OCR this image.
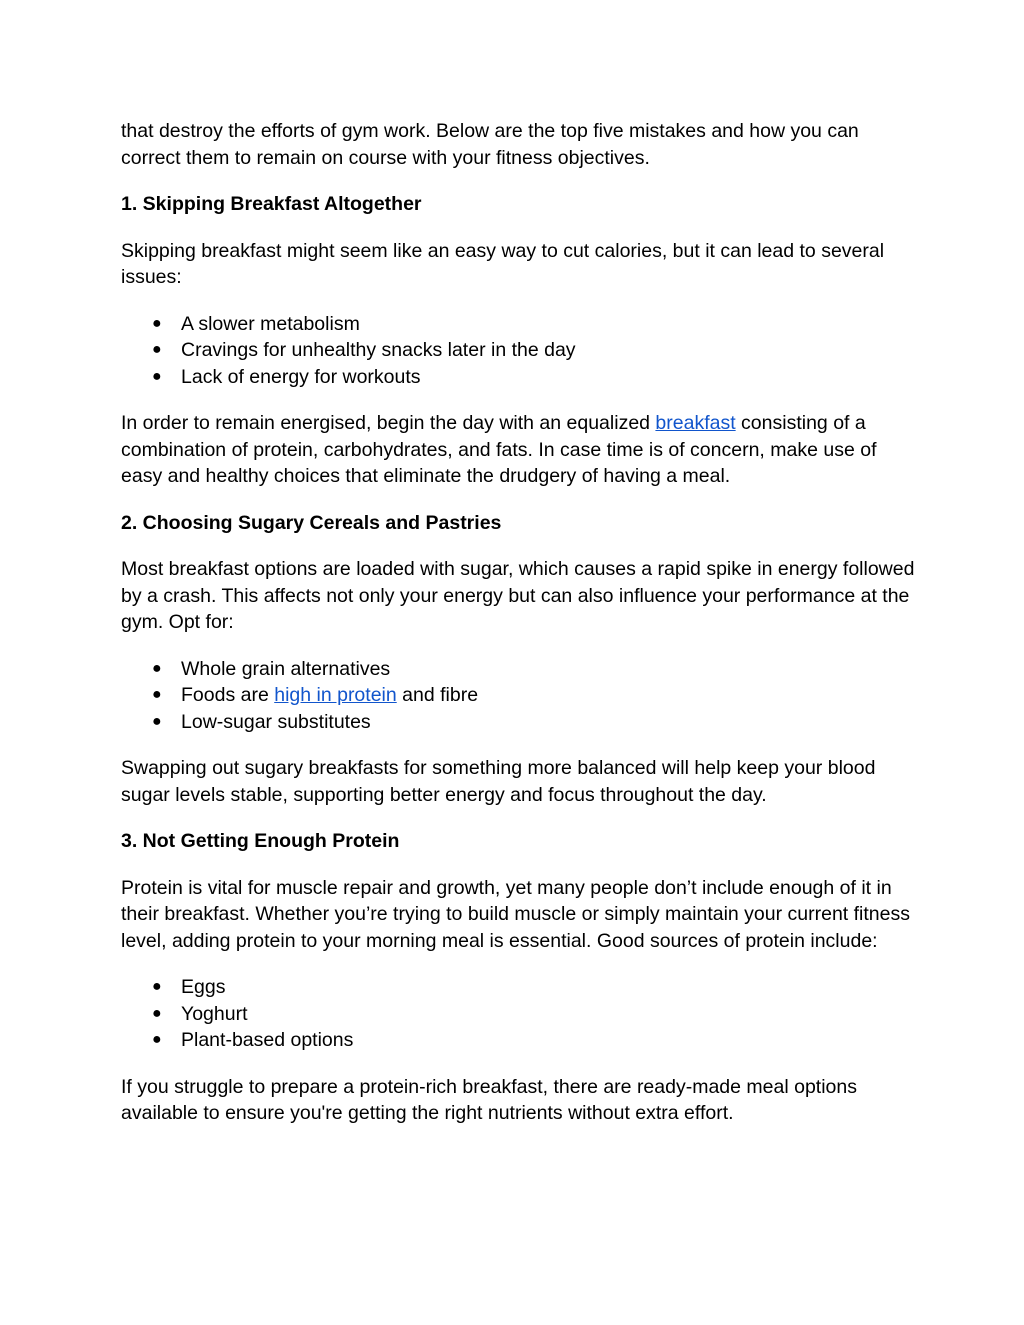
that destroy the efforts of gym work. Below are the top five mistakes and how you can correct them to remain on course with your fitness objectives.

1. Skipping Breakfast Altogether

Skipping breakfast might seem like an easy way to cut calories, but it can lead to several issues:

● A slower metabolism
● Cravings for unhealthy snacks later in the day
● Lack of energy for workouts

In order to remain energised, begin the day with an equalized breakfast consisting of a combination of protein, carbohydrates, and fats. In case time is of concern, make use of easy and healthy choices that eliminate the drudgery of having a meal.

2. Choosing Sugary Cereals and Pastries

Most breakfast options are loaded with sugar, which causes a rapid spike in energy followed by a crash. This affects not only your energy but can also influence your performance at the gym. Opt for:

● Whole grain alternatives
● Foods are high in protein and fibre
● Low-sugar substitutes

Swapping out sugary breakfasts for something more balanced will help keep your blood sugar levels stable, supporting better energy and focus throughout the day.

3. Not Getting Enough Protein

Protein is vital for muscle repair and growth, yet many people don’t include enough of it in their breakfast. Whether you’re trying to build muscle or simply maintain your current fitness level, adding protein to your morning meal is essential. Good sources of protein include:

● Eggs
● Yoghurt
● Plant-based options

If you struggle to prepare a protein-rich breakfast, there are ready-made meal options available to ensure you're getting the right nutrients without extra effort.
